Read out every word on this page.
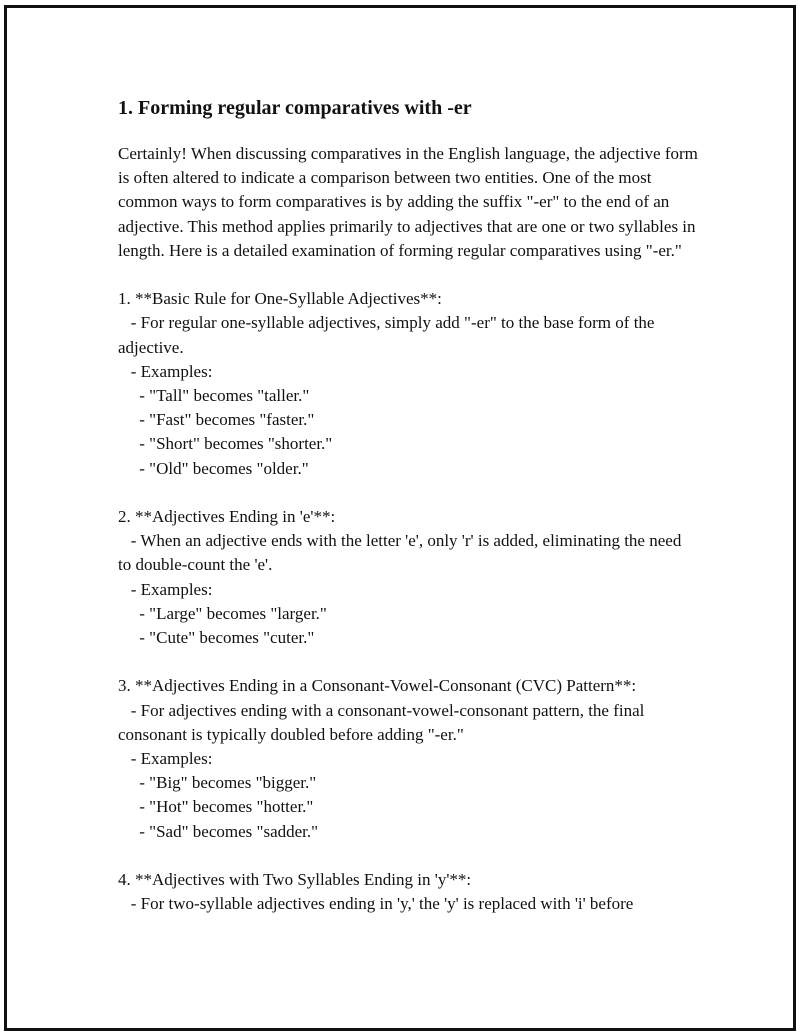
1. Forming regular comparatives with -er

Certainly! When discussing comparatives in the English language, the adjective form is often altered to indicate a comparison between two entities. One of the most common ways to form comparatives is by adding the suffix "-er" to the end of an adjective. This method applies primarily to adjectives that are one or two syllables in length. Here is a detailed examination of forming regular comparatives using "-er."

1. **Basic Rule for One-Syllable Adjectives**:
- For regular one-syllable adjectives, simply add "-er" to the base form of the adjective.
- Examples:
- "Tall" becomes "taller."
- "Fast" becomes "faster."
- "Short" becomes "shorter."
- "Old" becomes "older."

2. **Adjectives Ending in 'e'**:
- When an adjective ends with the letter 'e', only 'r' is added, eliminating the need to double-count the 'e'.
- Examples:
- "Large" becomes "larger."
- "Cute" becomes "cuter."

3. **Adjectives Ending in a Consonant-Vowel-Consonant (CVC) Pattern**:
- For adjectives ending with a consonant-vowel-consonant pattern, the final consonant is typically doubled before adding "-er."
- Examples:
- "Big" becomes "bigger."
- "Hot" becomes "hotter."
- "Sad" becomes "sadder."

4. **Adjectives with Two Syllables Ending in 'y'**:
- For two-syllable adjectives ending in 'y,' the 'y' is replaced with 'i' before
